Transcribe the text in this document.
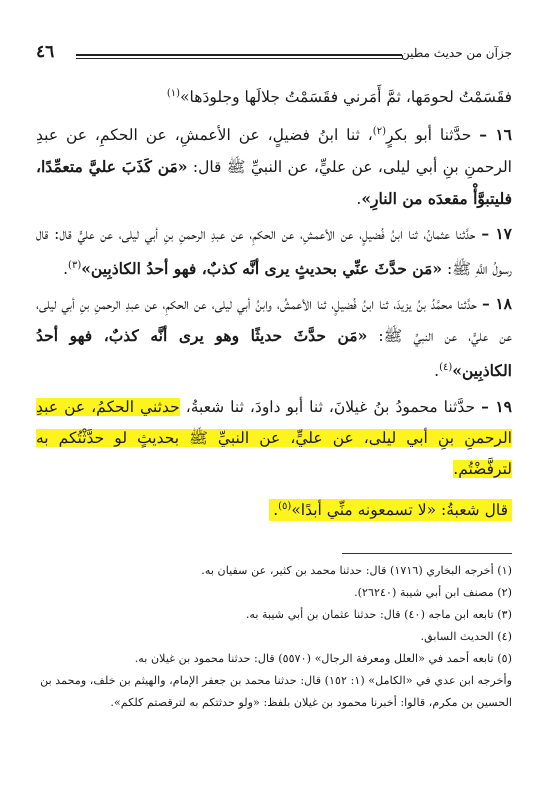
جزآن من حديث مطين
٤٦

فقَسَمْتُ لحومَها، ثمَّ أَمَرني فقَسَمْتُ جلالَها وجلودَها»$^{(١)}$

١٦ – حدَّثنا أبو بكرٍ$^{(٢)}$، ثنا ابنُ فضيلٍ، عن الأعمشِ، عن الحكمِ، عن عبدِ الرحمنِ بنِ أبي ليلى، عن عليٍّ، عن النبيِّ ﷺ قال: «مَن كَذَبَ عليَّ متعمِّدًا، فليتبوَّأْ مقعدَه من النارِ».

١٧ – حدَّثنا عثمانُ، ثنا ابنُ فُضيلٍ، عن الأعمشِ، عن الحكمِ، عن عبدِ الرحمنِ بنِ أبي ليلى، عن عليٍّ قال: قال رسولُ اللَّهِ ﷺ: «مَن حدَّثَ عنِّي بحديثٍ يرى أنَّه كذبٌ، فهو أحدُ الكاذبِين»$^{(٣)}$.

١٨ – حدَّثنا محمَّدُ بنُ يزيدَ، ثنا ابنُ فُضيلٍ، ثنا الأعمشُ، وابنُ أبي ليلى، عن الحكمِ، عن عبدِ الرحمنِ بنِ أبي ليلى، عن عليٍّ، عن النبيِّ ﷺ: «مَن حدَّثَ حديثًا وهو يرى أنَّه كذبٌ، فهو أحدُ الكاذبِين»$^{(٤)}$.

١٩ – حدَّثنا محمودُ بنُ غيلانَ، ثنا أبو داودَ، ثنا شعبةُ، حدثني الحكمُ، عن عبدِ الرحمنِ بنِ أبي ليلى، عن عليٍّ، عن النبيِّ ﷺ بحديثٍ لو حدَّثْتُكم به لترفَّضْتُم.

قال شعبةُ: «لا تسمعونه منِّي أبدًا»$^{(٥)}$.

(١) أخرجه البخاري (١٧١٦) قال: حدثنا محمد بن كثير، عن سفيان به.

(٢) مصنف ابن أبي شيبة (٢٦٢٤٠).

(٣) تابعه ابن ماجه (٤٠) قال: حدثنا عثمان بن أبي شيبة به.

(٤) الحديث السابق.

(٥) تابعه أحمد في «العلل ومعرفة الرجال» (٥٥٧٠) قال: حدثنا محمود بن غيلان به.

وأخرجه ابن عدي في «الكامل» (١: ١٥٢) قال: حدثنا محمد بن جعفر الإمام، والهيثم بن خلف، ومحمد بن الحسين بن مكرم، قالوا: أخبرنا محمود بن غيلان بلفظ: «ولو حدثتكم به لترقصتم كلكم».
